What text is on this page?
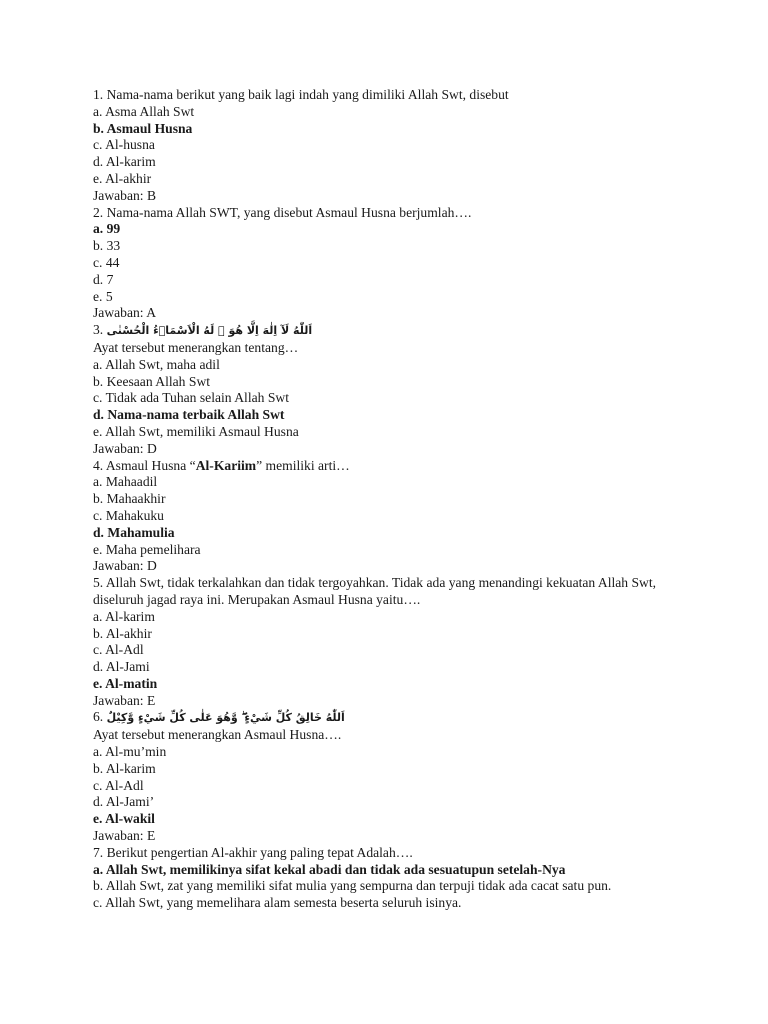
1. Nama-nama berikut yang baik lagi indah yang dimiliki Allah Swt, disebut
a. Asma Allah Swt
b. Asmaul Husna
c. Al-husna
d. Al-karim
e. Al-akhir
Jawaban: B
2. Nama-nama Allah SWT, yang disebut Asmaul Husna berjumlah….
a. 99
b. 33
c. 44
d. 7
e. 5
Jawaban: A
3. اَللّٰهُ لَآ اِلٰهَ اِلَّا هُوَ ۗ لَهُ الْاَسْمَاۤءُ الْحُسْنٰى
Ayat tersebut menerangkan tentang…
a. Allah Swt, maha adil
b. Keesaan Allah Swt
c. Tidak ada Tuhan selain Allah Swt
d. Nama-nama terbaik Allah Swt
e. Allah Swt, memiliki Asmaul Husna
Jawaban: D
4. Asmaul Husna “Al-Kariim” memiliki arti…
a. Mahaadil
b. Mahaakhir
c. Mahakuku
d. Mahamulia
e. Maha pemelihara
Jawaban: D
5. Allah Swt, tidak terkalahkan dan tidak tergoyahkan. Tidak ada yang menandingi kekuatan Allah Swt, diseluruh jagad raya ini. Merupakan Asmaul Husna yaitu….
a. Al-karim
b. Al-akhir
c. Al-Adl
d. Al-Jami
e. Al-matin
Jawaban: E
6. اَللّٰهُ خَالِقُ كُلِّ شَيْءٍ ۖ وَّهُوَ عَلٰى كُلِّ شَيْءٍ وَّكِيْلٌ
Ayat tersebut menerangkan Asmaul Husna….
a. Al-mu’min
b. Al-karim
c. Al-Adl
d. Al-Jami’
e. Al-wakil
Jawaban: E
7. Berikut pengertian Al-akhir yang paling tepat Adalah….
a. Allah Swt, memilikinya sifat kekal abadi dan tidak ada sesuatupun setelah-Nya
b. Allah Swt, zat yang memiliki sifat mulia yang sempurna dan terpuji tidak ada cacat satu pun.
c. Allah Swt, yang memelihara alam semesta beserta seluruh isinya.
